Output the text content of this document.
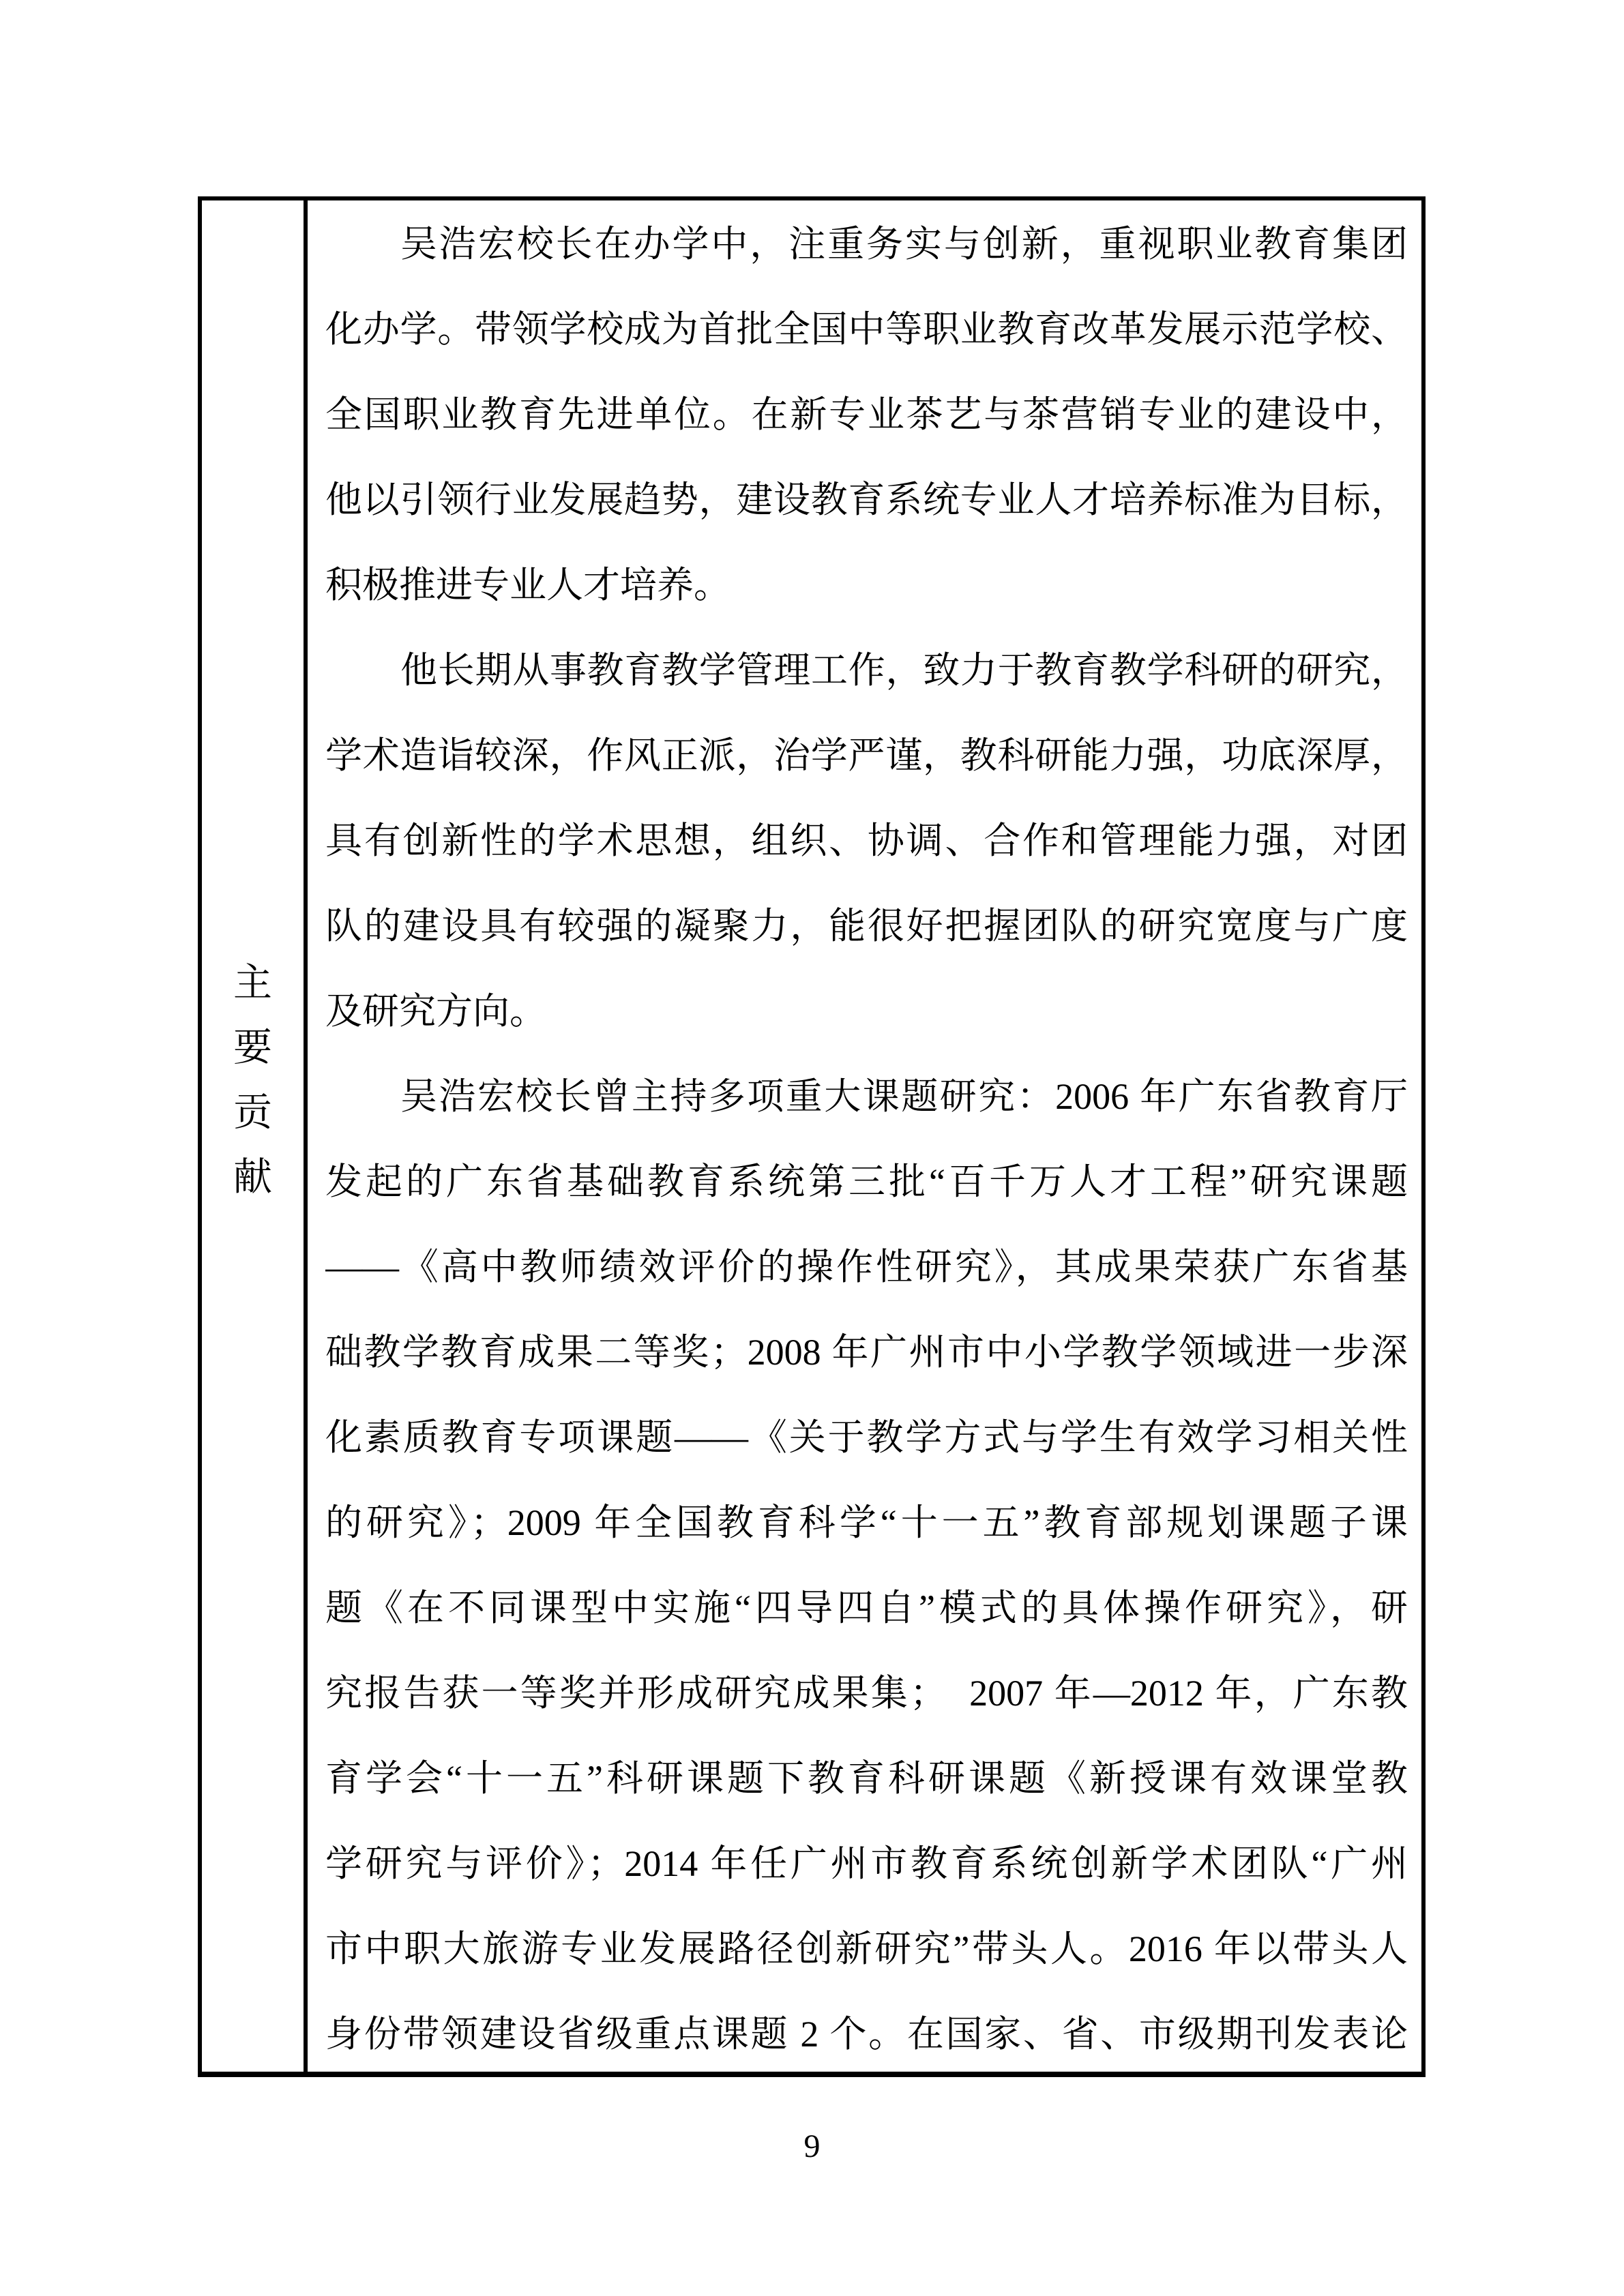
主要贡献
吴浩宏校长在办学中，注重务实与创新，重视职业教育集团
化办学。带领学校成为首批全国中等职业教育改革发展示范学校、
全国职业教育先进单位。在新专业茶艺与茶营销专业的建设中，
他以引领行业发展趋势，建设教育系统专业人才培养标准为目标，
积极推进专业人才培养。
他长期从事教育教学管理工作，致力于教育教学科研的研究，
学术造诣较深，作风正派，治学严谨，教科研能力强，功底深厚，
具有创新性的学术思想，组织、协调、合作和管理能力强，对团
队的建设具有较强的凝聚力，能很好把握团队的研究宽度与广度
及研究方向。
吴浩宏校长曾主持多项重大课题研究：2006 年广东省教育厅
发起的广东省基础教育系统第三批“百千万人才工程”研究课题
——《高中教师绩效评价的操作性研究》，其成果荣获广东省基
础教学教育成果二等奖；2008 年广州市中小学教学领域进一步深
化素质教育专项课题——《关于教学方式与学生有效学习相关性
的研究》；2009 年全国教育科学“十一五”教育部规划课题子课
题《在不同课型中实施“四导四自”模式的具体操作研究》，研
究报告获一等奖并形成研究成果集；　2007 年—2012 年，广东教
育学会“十一五”科研课题下教育科研课题《新授课有效课堂教
学研究与评价》；2014 年任广州市教育系统创新学术团队“广州
市中职大旅游专业发展路径创新研究”带头人。2016 年以带头人
身份带领建设省级重点课题 2 个。在国家、省、市级期刊发表论
9
